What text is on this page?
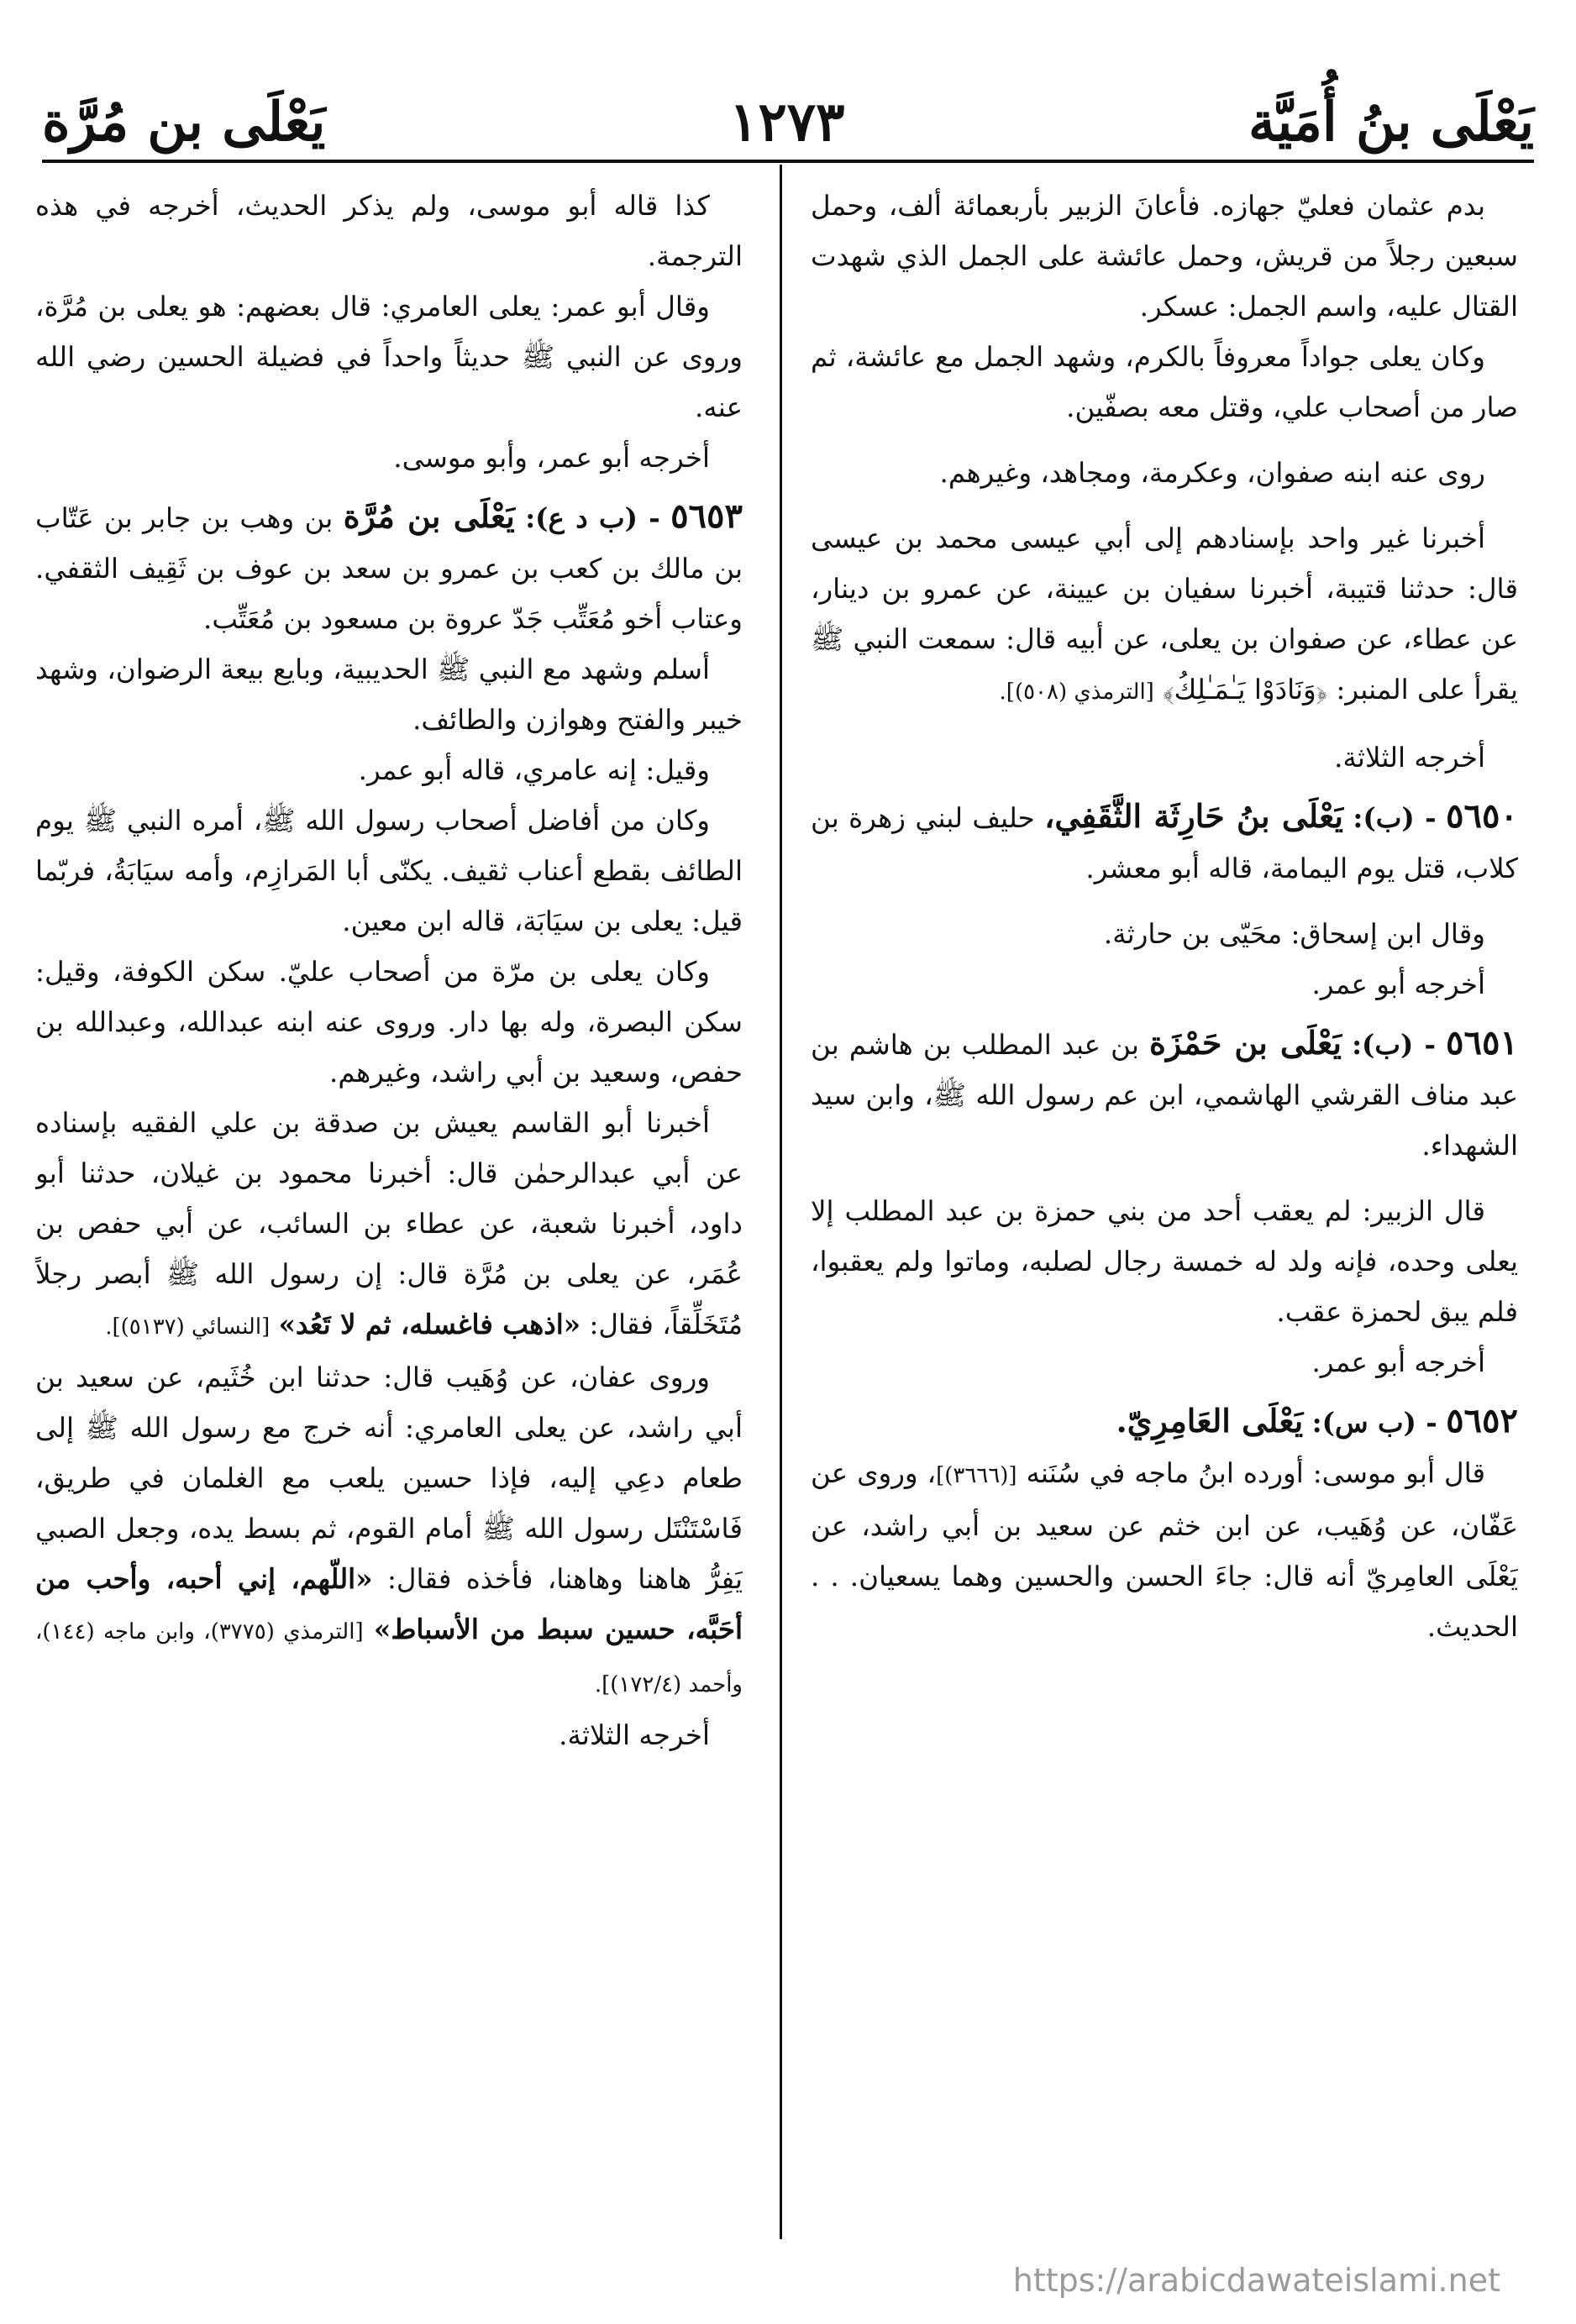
يَعْلَى بنُ أُمَيَّة
١٢٧٣
يَعْلَى بن مُرَّة

بدم عثمان فعليّ جهازه. فأعانَ الزبير بأربعمائة ألف، وحمل سبعين رجلاً من قريش، وحمل عائشة على الجمل الذي شهدت القتال عليه، واسم الجمل: عسكر.

وكان يعلى جواداً معروفاً بالكرم، وشهد الجمل مع عائشة، ثم صار من أصحاب علي، وقتل معه بصفّين.

روى عنه ابنه صفوان، وعكرمة، ومجاهد، وغيرهم.

أخبرنا غير واحد بإسنادهم إلى أبي عيسى محمد بن عيسى قال: حدثنا قتيبة، أخبرنا سفيان بن عيينة، عن عمرو بن دينار، عن عطاء، عن صفوان بن يعلى، عن أبيه قال: سمعت النبي ﷺ يقرأ على المنبر: ﴿وَنَادَوْا يَـٰمَـٰلِكُ﴾ [الترمذي (٥٠٨)].

أخرجه الثلاثة.

٥٦٥٠ - (ب): يَعْلَى بنُ حَارِثَة الثَّقَفِي، حليف لبني زهرة بن كلاب، قتل يوم اليمامة، قاله أبو معشر.

وقال ابن إسحاق: محَيّى بن حارثة.

أخرجه أبو عمر.

٥٦٥١ - (ب): يَعْلَى بن حَمْزَة بن عبد المطلب بن هاشم بن عبد مناف القرشي الهاشمي، ابن عم رسول الله ﷺ، وابن سيد الشهداء.

قال الزبير: لم يعقب أحد من بني حمزة بن عبد المطلب إلا يعلى وحده، فإنه ولد له خمسة رجال لصلبه، وماتوا ولم يعقبوا، فلم يبق لحمزة عقب.

أخرجه أبو عمر.

٥٦٥٢ - (ب س): يَعْلَى العَامِرِيّ.

قال أبو موسى: أورده ابنُ ماجه في سُنَنه [(٣٦٦٦)]، وروى عن عَفّان، عن وُهَيب، عن ابن خثم عن سعيد بن أبي راشد، عن يَعْلَى العامِريّ أنه قال: جاءَ الحسن والحسين وهما يسعيان. . . الحديث.

كذا قاله أبو موسى، ولم يذكر الحديث، أخرجه في هذه الترجمة.

وقال أبو عمر: يعلى العامري: قال بعضهم: هو يعلى بن مُرَّة، وروى عن النبي ﷺ حديثاً واحداً في فضيلة الحسين رضي الله عنه.

أخرجه أبو عمر، وأبو موسى.

٥٦٥٣ - (ب د ع): يَعْلَى بن مُرَّة بن وهب بن جابر بن عَتّاب بن مالك بن كعب بن عمرو بن سعد بن عوف بن ثَقِيف الثقفي. وعتاب أخو مُعَتِّب جَدّ عروة بن مسعود بن مُعَتِّب.

أسلم وشهد مع النبي ﷺ الحديبية، وبايع بيعة الرضوان، وشهد خيبر والفتح وهوازن والطائف.

وقيل: إنه عامري، قاله أبو عمر.

وكان من أفاضل أصحاب رسول الله ﷺ، أمره النبي ﷺ يوم الطائف بقطع أعناب ثقيف. يكنّى أبا المَرازِم، وأمه سيَابَةُ، فربّما قيل: يعلى بن سيَابَة، قاله ابن معين.

وكان يعلى بن مرّة من أصحاب عليّ. سكن الكوفة، وقيل: سكن البصرة، وله بها دار. وروى عنه ابنه عبدالله، وعبدالله بن حفص، وسعيد بن أبي راشد، وغيرهم.

أخبرنا أبو القاسم يعيش بن صدقة بن علي الفقيه بإسناده عن أبي عبدالرحمٰن قال: أخبرنا محمود بن غيلان، حدثنا أبو داود، أخبرنا شعبة، عن عطاء بن السائب، عن أبي حفص بن عُمَر، عن يعلى بن مُرَّة قال: إن رسول الله ﷺ أبصر رجلاً مُتَخَلِّقاً، فقال: «اذهب فاغسله، ثم لا تَعُد» [النسائي (٥١٣٧)].

وروى عفان، عن وُهَيب قال: حدثنا ابن خُثَيم، عن سعيد بن أبي راشد، عن يعلى العامري: أنه خرج مع رسول الله ﷺ إلى طعام دعِي إليه، فإذا حسين يلعب مع الغلمان في طريق، فَاسْتَنْتَل رسول الله ﷺ أمام القوم، ثم بسط يده، وجعل الصبي يَفِرُّ هاهنا وهاهنا، فأخذه فقال: «اللّهم، إني أحبه، وأحب من أحَبَّه، حسين سبط من الأسباط» [الترمذي (٣٧٧٥)، وابن ماجه (١٤٤)، وأحمد (١٧٢/٤)].

أخرجه الثلاثة.

https://arabicdawateislami.net
